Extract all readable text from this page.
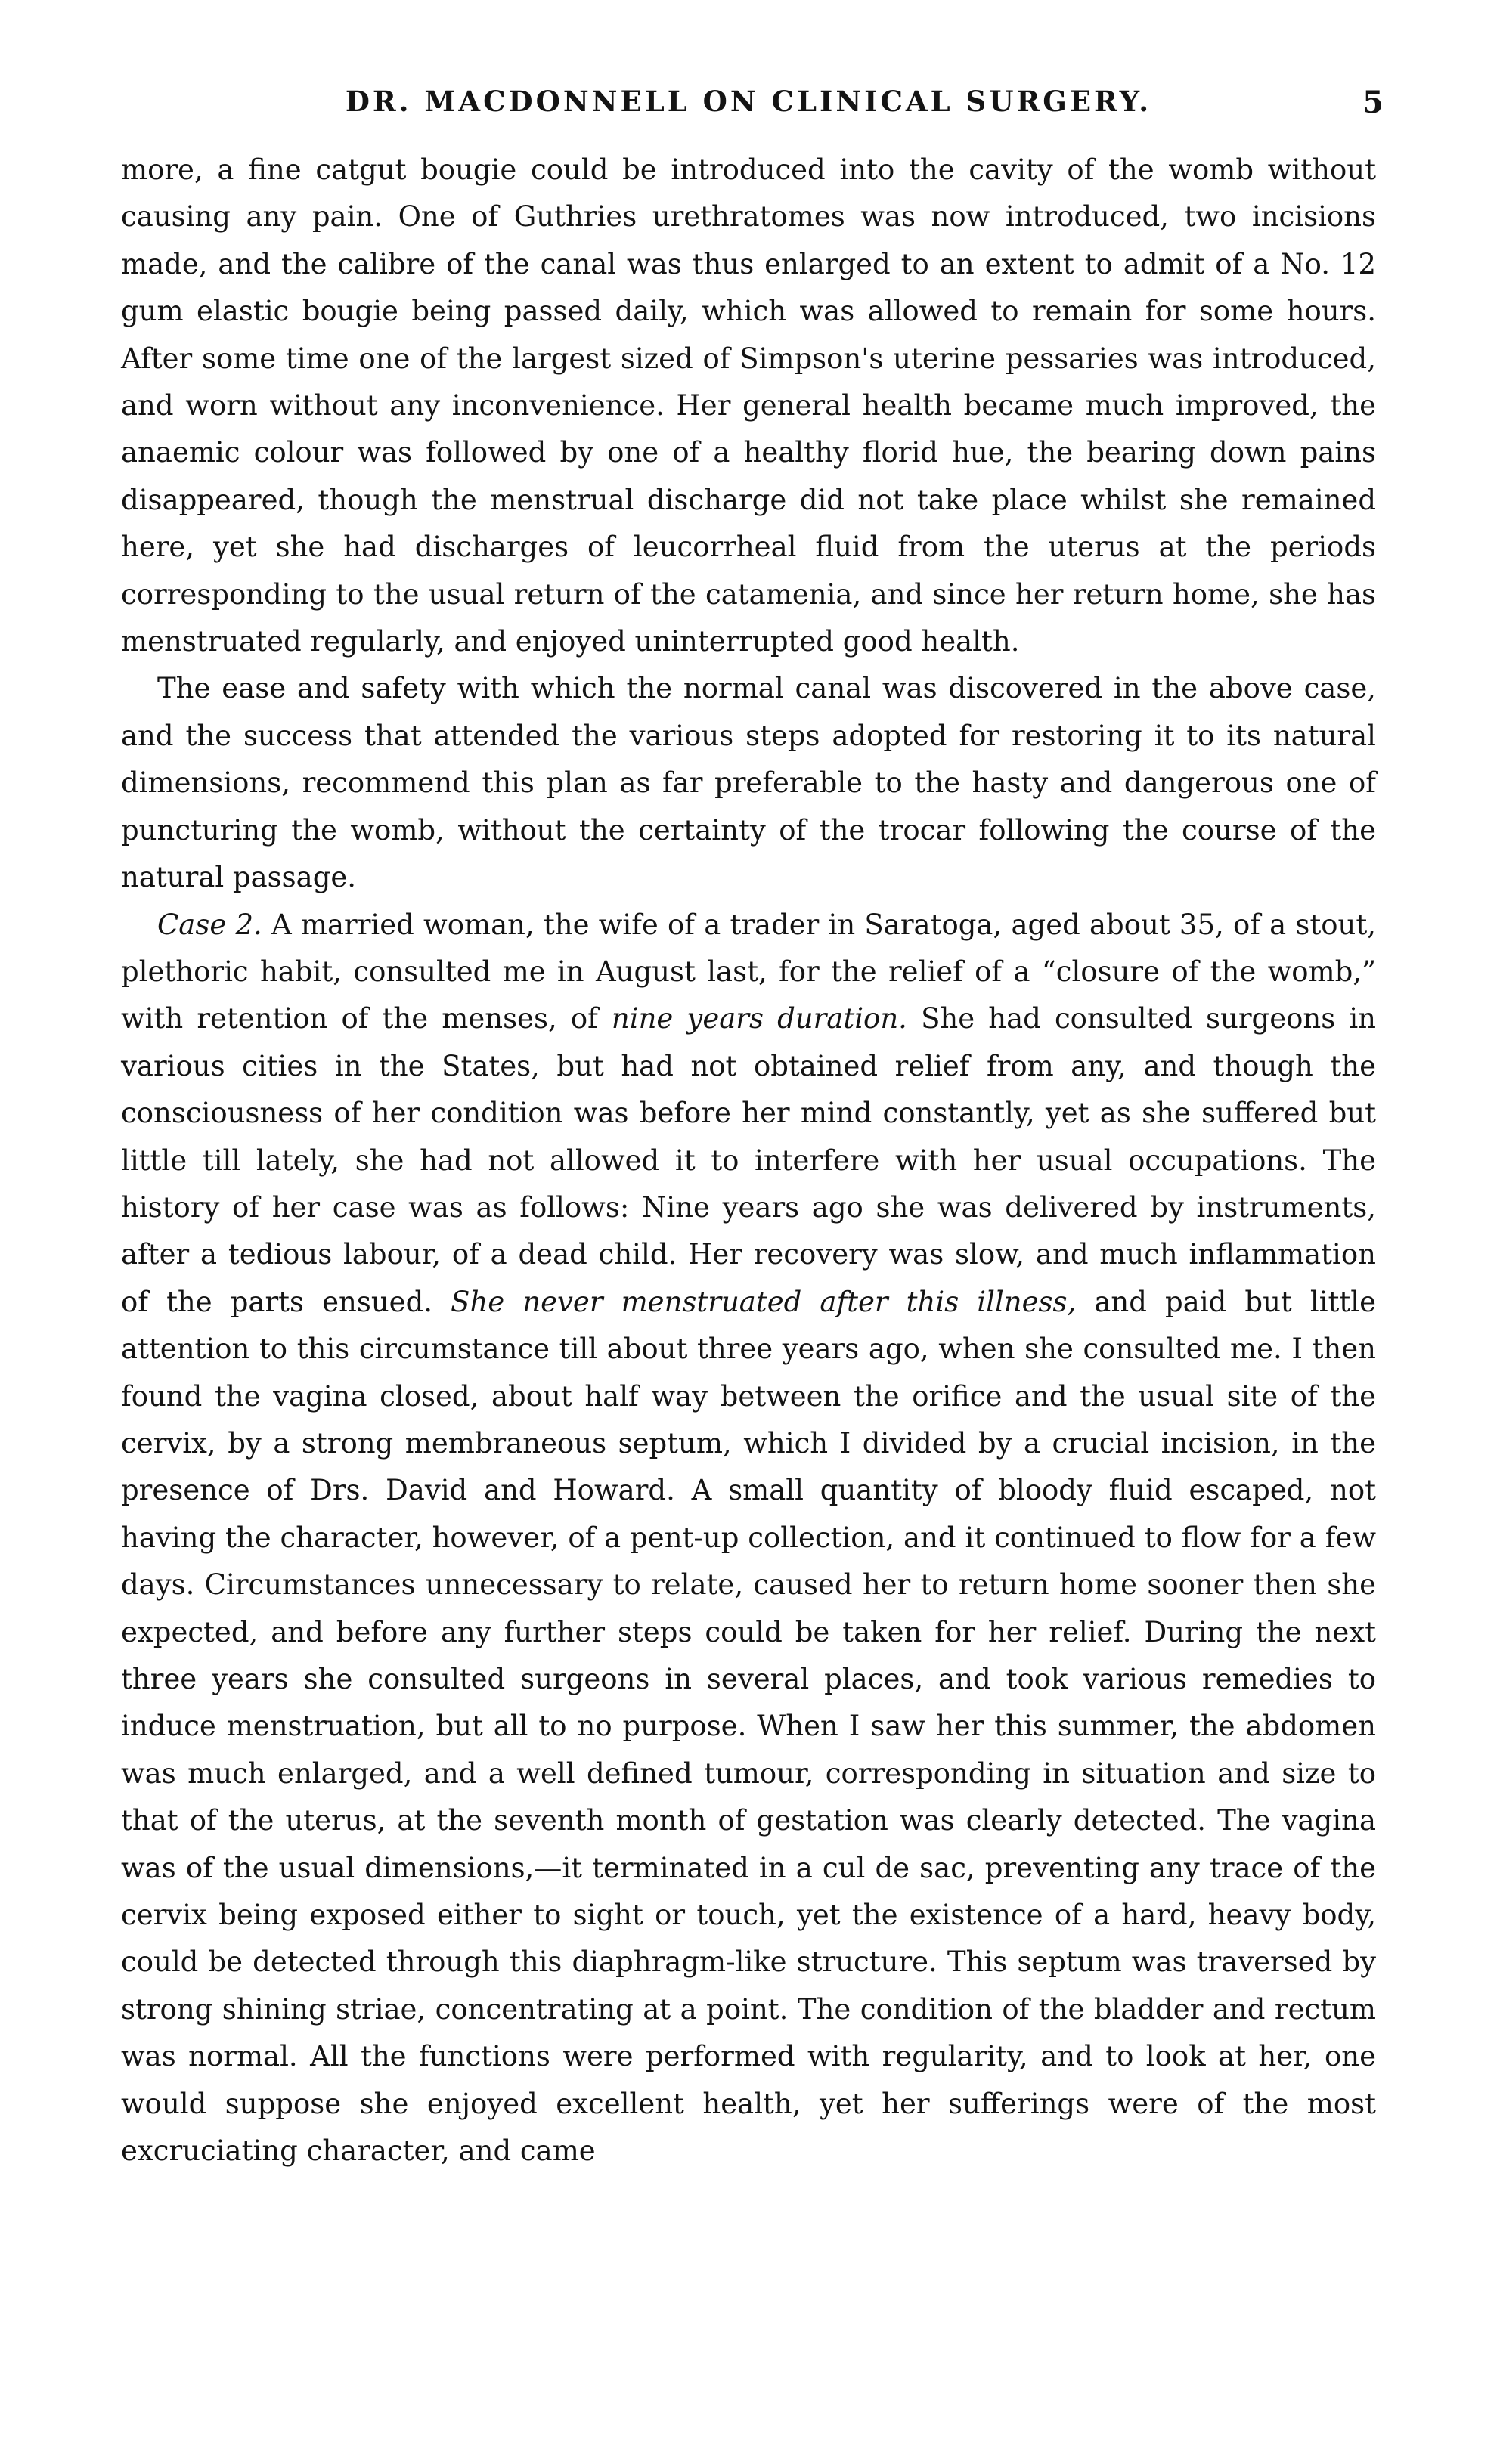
DR. MACDONNELL ON CLINICAL SURGERY.	5

more, a fine catgut bougie could be introduced into the cavity of the womb without causing any pain. One of Guthries urethratomes was now introduced, two incisions made, and the calibre of the canal was thus enlarged to an extent to admit of a No. 12 gum elastic bougie being passed daily, which was allowed to remain for some hours. After some time one of the largest sized of Simpson's uterine pessaries was introduced, and worn without any inconvenience. Her general health became much improved, the anaemic colour was followed by one of a healthy florid hue, the bearing down pains disappeared, though the menstrual discharge did not take place whilst she remained here, yet she had discharges of leucorrheal fluid from the uterus at the periods corresponding to the usual return of the catamenia, and since her return home, she has menstruated regularly, and enjoyed uninterrupted good health.

The ease and safety with which the normal canal was discovered in the above case, and the success that attended the various steps adopted for restoring it to its natural dimensions, recommend this plan as far preferable to the hasty and dangerous one of puncturing the womb, without the certainty of the trocar following the course of the natural passage.

Case 2. A married woman, the wife of a trader in Saratoga, aged about 35, of a stout, plethoric habit, consulted me in August last, for the relief of a “closure of the womb,” with retention of the menses, of nine years duration. She had consulted surgeons in various cities in the States, but had not obtained relief from any, and though the consciousness of her condition was before her mind constantly, yet as she suffered but little till lately, she had not allowed it to interfere with her usual occupations. The history of her case was as follows: Nine years ago she was delivered by instruments, after a tedious labour, of a dead child. Her recovery was slow, and much inflammation of the parts ensued. She never menstruated after this illness, and paid but little attention to this circumstance till about three years ago, when she consulted me. I then found the vagina closed, about half way between the orifice and the usual site of the cervix, by a strong membraneous septum, which I divided by a crucial incision, in the presence of Drs. David and Howard. A small quantity of bloody fluid escaped, not having the character, however, of a pent-up collection, and it continued to flow for a few days. Circumstances unnecessary to relate, caused her to return home sooner then she expected, and before any further steps could be taken for her relief. During the next three years she consulted surgeons in several places, and took various remedies to induce menstruation, but all to no purpose. When I saw her this summer, the abdomen was much enlarged, and a well defined tumour, corresponding in situation and size to that of the uterus, at the seventh month of gestation was clearly detected. The vagina was of the usual dimensions,—it terminated in a cul de sac, preventing any trace of the cervix being exposed either to sight or touch, yet the existence of a hard, heavy body, could be detected through this diaphragm-like structure. This septum was traversed by strong shining striae, concentrating at a point. The condition of the bladder and rectum was normal. All the functions were performed with regularity, and to look at her, one would suppose she enjoyed excellent health, yet her sufferings were of the most excruciating character, and came
